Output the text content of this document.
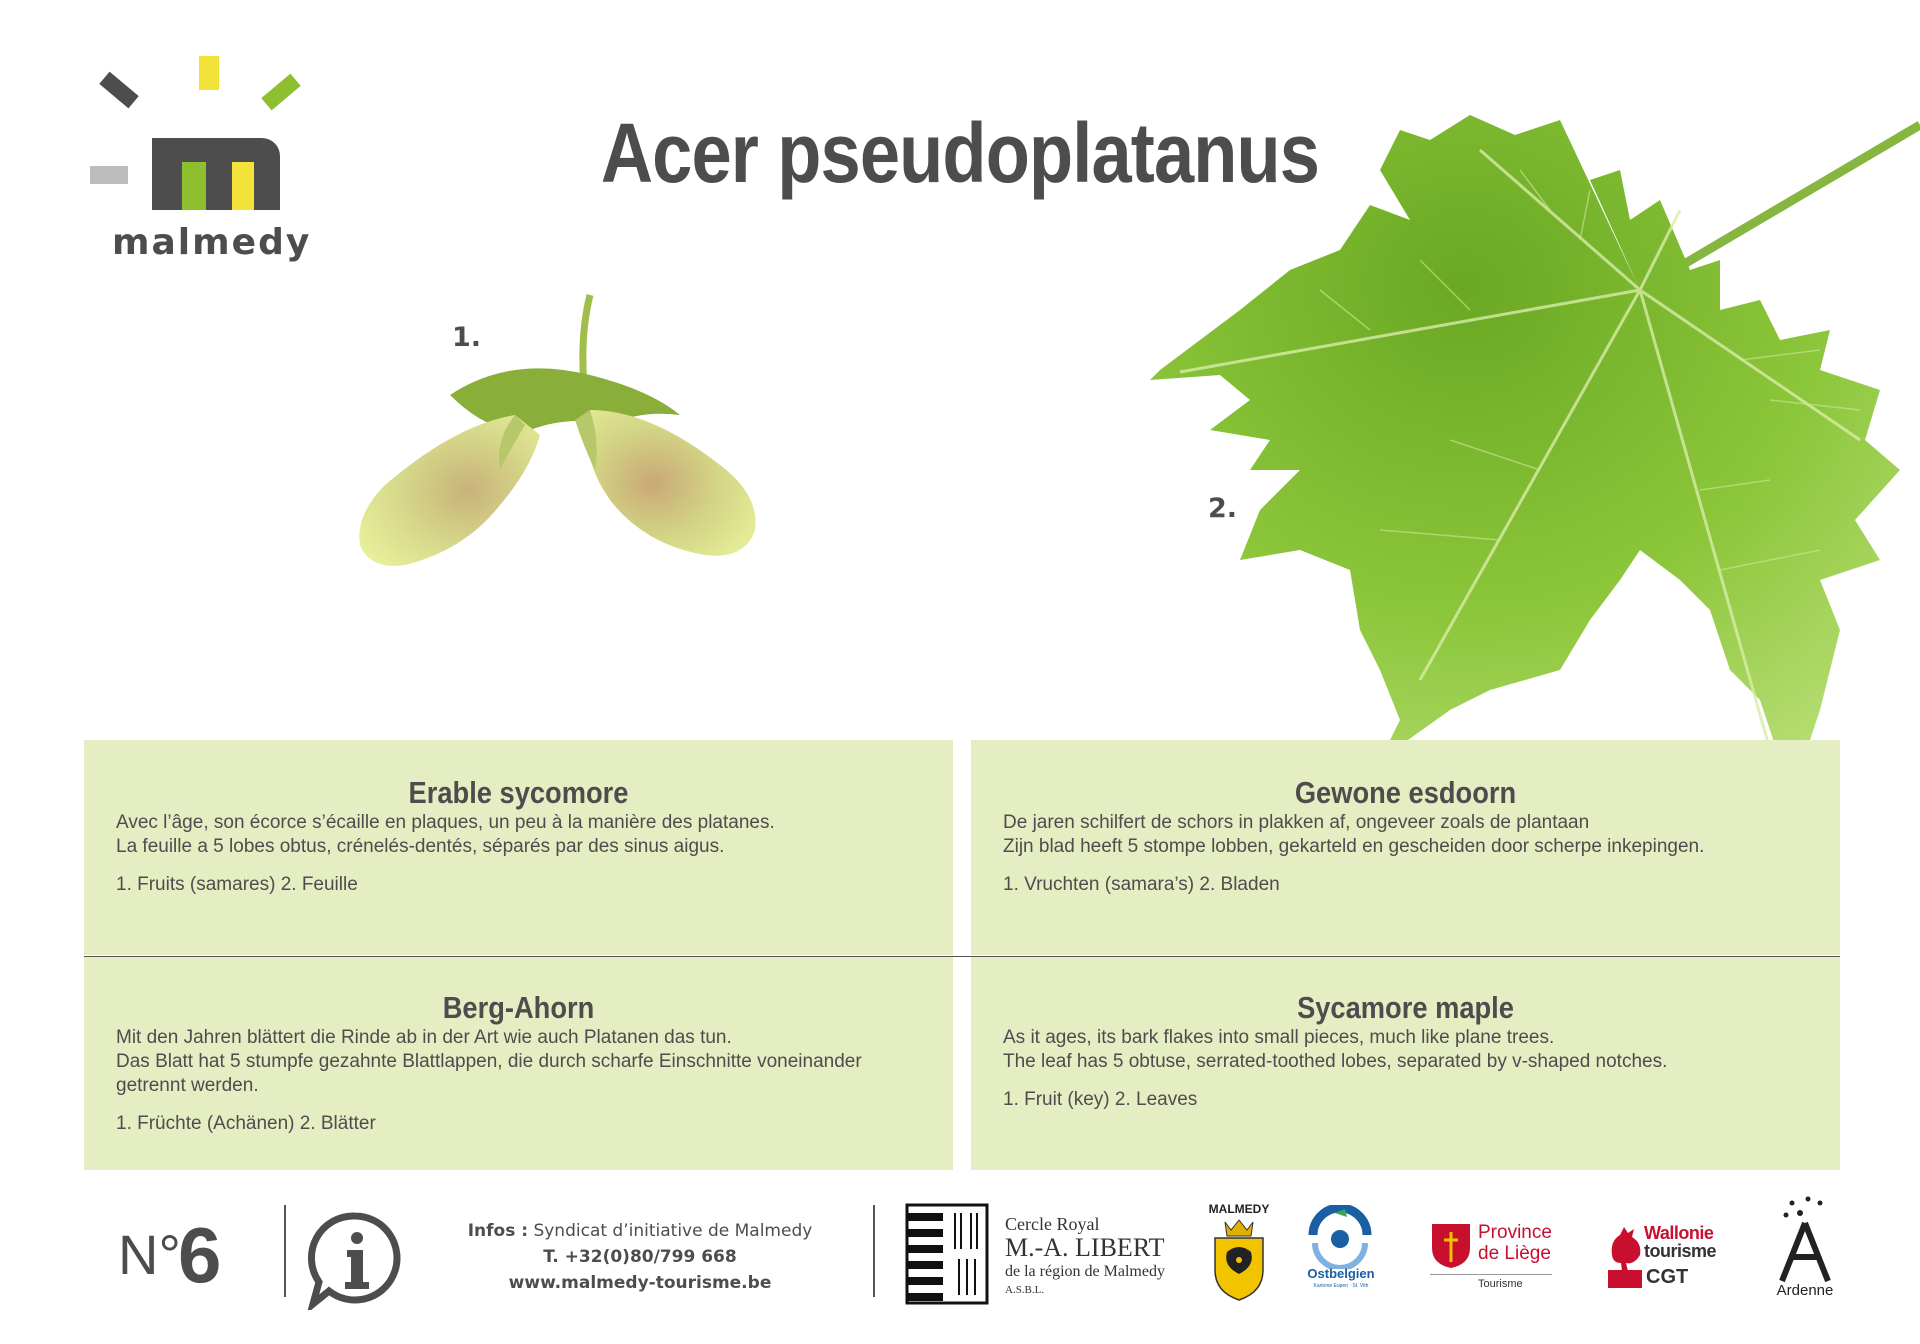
malmedy
Acer pseudoplatanus
1.
2.
Erable sycomore

Avec l’âge, son écorce s’écaille en plaques, un peu à la manière des platanes.

La feuille a 5 lobes obtus, crénelés-dentés, séparés par des sinus aigus.

1. Fruits (samares) 2. Feuille

Gewone esdoorn

De jaren schilfert de schors in plakken af, ongeveer zoals de plantaan

Zijn blad heeft 5 stompe lobben, gekarteld en gescheiden door scherpe inkepingen.

1. Vruchten (samara’s) 2. Bladen

Berg-Ahorn

Mit den Jahren blättert die Rinde ab in der Art wie auch Platanen das tun.

Das Blatt hat 5 stumpfe gezahnte Blattlappen, die durch scharfe Einschnitte voneinander getrennt werden.

1. Früchte (Achänen) 2. Blätter

Sycamore maple

As it ages, its bark flakes into small pieces, much like plane trees.

The leaf has 5 obtuse, serrated-toothed lobes, separated by v-shaped notches.

1. Fruit (key) 2. Leaves

N°
6	Infos : Syndicat d’initiative de Malmedy
T. +32(0)80/799 668
www.malmedy-tourisme.be
Cercle Royal
M.-A. LIBERT
de la région de Malmedy
A.S.B.L.
MALMEDY
Ostbelgien
Kantone Eupen · St. Vith
Province
de Liège
Tourisme
Wallonie
tourisme
CGT
Ardenne
